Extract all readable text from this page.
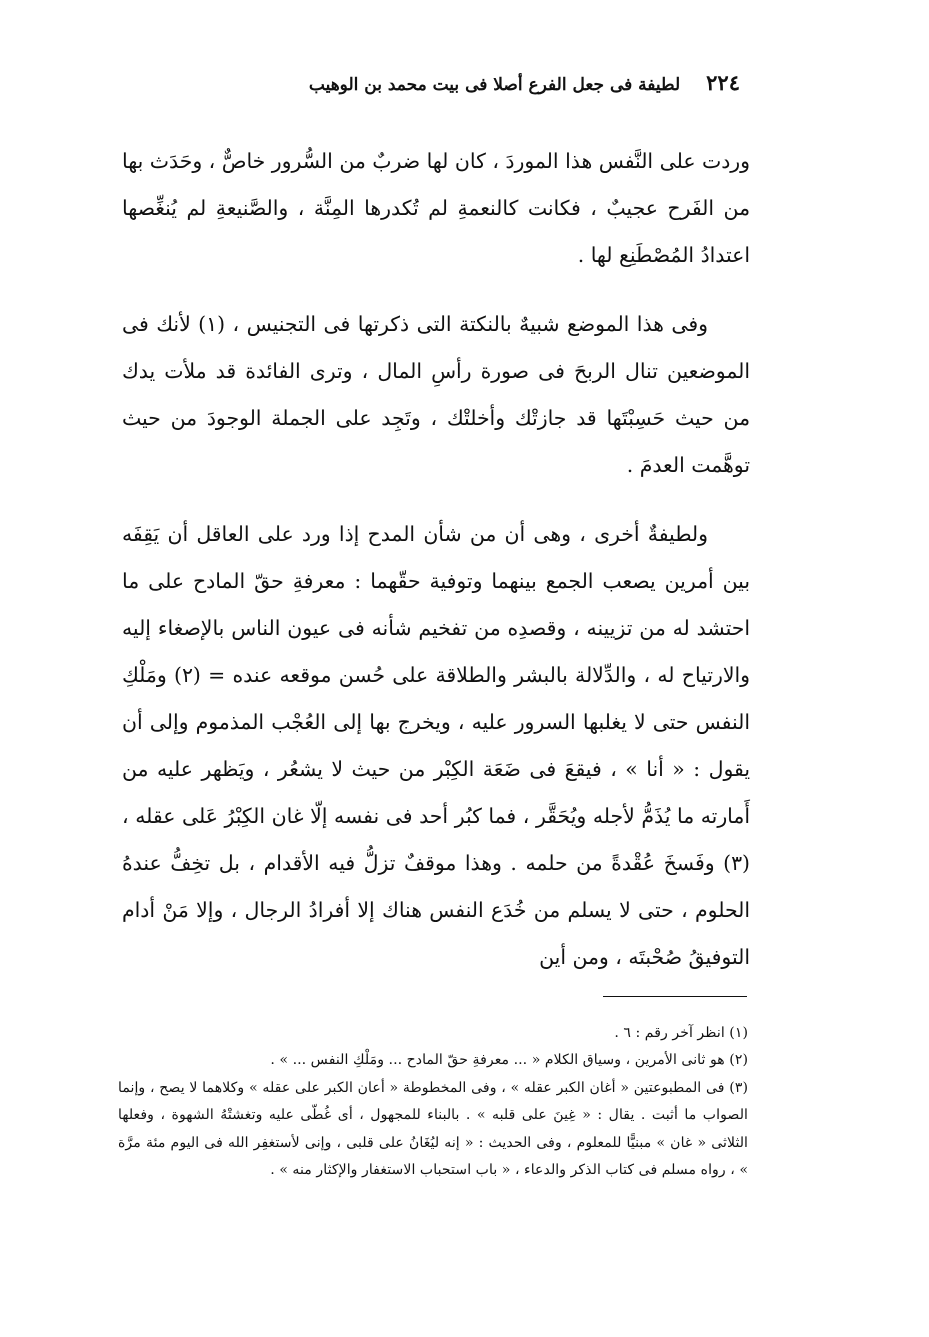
٢٢٤
لطيفة فى جعل الفرع أصلا فى بيت محمد بن الوهيب

وردت على النَّفس هذا الموردَ ، كان لها ضربٌ من السُّرور خاصٌّ ، وحَدَث بها من الفَرح عجيبٌ ، فكانت كالنعمةِ لم تُكدرها المِنَّة ، والصَّنيعةِ لم يُنغِّصها اعتدادُ المُصْطَنِع لها .

وفى هذا الموضع شبيهٌ بالنكتة التى ذكرتها فى التجنيس ، (١) لأنك فى الموضعين تنال الربحَ فى صورة رأسِ المال ، وترى الفائدة قد ملأت يدك من حيث حَسِبْتَها قد جازتْك وأخلتْك ، وتَجِد على الجملة الوجودَ من حيث توهَّمت العدمَ .

ولطيفةٌ أخرى ، وهى أن من شأن المدح إذا ورد على العاقل أن يَقِفَه بين أمرين يصعب الجمع بينهما وتوفية حقّهما : معرفةِ حقّ المادح على ما احتشد له من تزيينه ، وقصدِه من تفخيم شأنه فى عيون الناس بالإصغاء إليه والارتياح له ، والدِّلالة بالبشر والطلاقة على حُسن موقعه عنده = (٢) ومَلْكِ النفس حتى لا يغلبها السرور عليه ، ويخرج بها إلى العُجْب المذموم وإلى أن يقول : « أنا » ، فيقعَ فى ضَعَة الكِبْر من حيث لا يشعُر ، ويَظهر عليه من أَمارته ما يُذَمُّ لأجله ويُحَقَّر ، فما كبُر أحد فى نفسه إلّا غان الكِبْرُ عَلى عقله ، (٣) وفَسخَ عُقْدةً من حلمه . وهذا موقفٌ تزلُّ فيه الأقدام ، بل تخِفُّ عندهُ الحلوم ، حتى لا يسلم من خُدَع النفس هناك إلا أفرادُ الرجال ، وإلا مَنْ أدام التوفيقُ صُحْبتَه ، ومن أين

(١) انظر آخر رقم : ٦ .

(٢) هو ثانى الأمرين ، وسياق الكلام « ... معرفةِ حقّ المادح ... ومَلْكِ النفس ... » .

(٣) فى المطبوعتين « أغان الكبر عقله » ، وفى المخطوطة « أعان الكبر على عقله » وكلاهما لا يصح ، وإنما الصواب ما أثبت . يقال : « غِينَ على قلبه » . بالبناء للمجهول ، أى غُطّى عليه وتغشتْهُ الشهوة ، وفعلها الثلاثى « غان » مبنيًّا للمعلوم ، وفى الحديث : « إنه ليُغَانُ على قلبى ، وإنى لأستغفِر الله فى اليوم مئة مرَّة » ، رواه مسلم فى كتاب الذكر والدعاء ، « باب استحباب الاستغفار والإكثار منه » .
